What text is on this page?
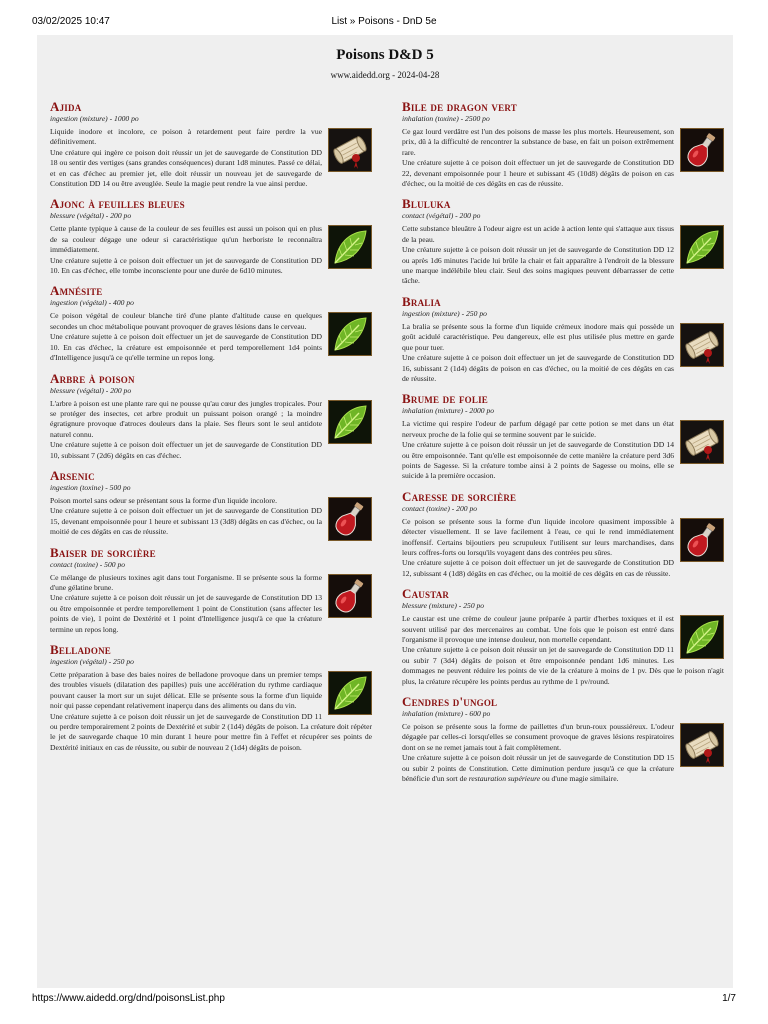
03/02/2025 10:47	List » Poisons - DnD 5e
Poisons D&D 5
www.aidedd.org - 2024-04-28
Ajida
ingestion (mixture) - 1000 po

Liquide inodore et incolore, ce poison à retardement peut faire perdre la vue définitivement.

Une créature qui ingère ce poison doit réussir un jet de sauvegarde de Constitution DD 18 ou sentir des vertiges (sans grandes conséquences) durant 1d8 minutes. Passé ce délai, et en cas d'échec au premier jet, elle doit réussir un nouveau jet de sauvegarde de Constitution DD 14 ou être aveuglée. Seule la magie peut rendre la vue ainsi perdue.

Ajonc à feuilles bleues
blessure (végétal) - 200 po

Cette plante typique à cause de la couleur de ses feuilles est aussi un poison qui en plus de sa couleur dégage une odeur si caractéristique qu'un herboriste le reconnaîtra immédiatement.

Une créature sujette à ce poison doit effectuer un jet de sauvegarde de Constitution DD 10. En cas d'échec, elle tombe inconsciente pour une durée de 6d10 minutes.

Amnésite
ingestion (végétal) - 400 po

Ce poison végétal de couleur blanche tiré d'une plante d'altitude cause en quelques secondes un choc métabolique pouvant provoquer de graves lésions dans le cerveau.

Une créature sujette à ce poison doit effectuer un jet de sauvegarde de Constitution DD 10. En cas d'échec, la créature est empoisonnée et perd temporellement 1d4 points d'Intelligence jusqu'à ce qu'elle termine un repos long.

Arbre à poison
blessure (végétal) - 200 po

L'arbre à poison est une plante rare qui ne pousse qu'au cœur des jungles tropicales. Pour se protéger des insectes, cet arbre produit un puissant poison orangé ; la moindre égratignure provoque d'atroces douleurs dans la plaie. Ses fleurs sont le seul antidote naturel connu.

Une créature sujette à ce poison doit effectuer un jet de sauvegarde de Constitution DD 10, subissant 7 (2d6) dégâts en cas d'échec.

Arsenic
ingestion (toxine) - 500 po

Poison mortel sans odeur se présentant sous la forme d'un liquide incolore.

Une créature sujette à ce poison doit effectuer un jet de sauvegarde de Constitution DD 15, devenant empoisonnée pour 1 heure et subissant 13 (3d8) dégâts en cas d'échec, ou la moitié de ces dégâts en cas de réussite.

Baiser de sorcière
contact (toxine) - 500 po

Ce mélange de plusieurs toxines agit dans tout l'organisme. Il se présente sous la forme d'une gélatine brune.

Une créature sujette à ce poison doit réussir un jet de sauvegarde de Constitution DD 13 ou être empoisonnée et perdre temporellement 1 point de Constitution (sans affecter les points de vie), 1 point de Dextérité et 1 point d'Intelligence jusqu'à ce que la créature termine un repos long.

Belladone
ingestion (végétal) - 250 po

Cette préparation à base des baies noires de belladone provoque dans un premier temps des troubles visuels (dilatation des papilles) puis une accélération du rythme cardiaque pouvant causer la mort sur un sujet délicat. Elle se présente sous la forme d'un liquide noir qui passe cependant relativement inaperçu dans des aliments ou dans du vin.

Une créature sujette à ce poison doit réussir un jet de sauvegarde de Constitution DD 11 ou perdre temporairement 2 points de Dextérité et subir 2 (1d4) dégâts de poison. La créature doit répéter le jet de sauvegarde chaque 10 min durant 1 heure pour mettre fin à l'effet et récupérer ses points de Dextérité initiaux en cas de réussite, ou subir de nouveau 2 (1d4) dégâts de poison.

Bile de dragon vert
inhalation (toxine) - 2500 po

Ce gaz lourd verdâtre est l'un des poisons de masse les plus mortels. Heureusement, son prix, dû à la difficulté de rencontrer la substance de base, en fait un poison extrêmement rare.

Une créature sujette à ce poison doit effectuer un jet de sauvegarde de Constitution DD 22, devenant empoisonnée pour 1 heure et subissant 45 (10d8) dégâts de poison en cas d'échec, ou la moitié de ces dégâts en cas de réussite.

Bluluka
contact (végétal) - 200 po

Cette substance bleuâtre à l'odeur aigre est un acide à action lente qui s'attaque aux tissus de la peau.

Une créature sujette à ce poison doit réussir un jet de sauvegarde de Constitution DD 12 ou après 1d6 minutes l'acide lui brûle la chair et fait apparaître à l'endroit de la blessure une marque indélébile bleu clair. Seul des soins magiques peuvent débarrasser de cette tâche.

Bralia
ingestion (mixture) - 250 po

La bralia se présente sous la forme d'un liquide crémeux inodore mais qui possède un goût acidulé caractéristique. Peu dangereux, elle est plus utilisée plus mettre en garde que pour tuer.

Une créature sujette à ce poison doit effectuer un jet de sauvegarde de Constitution DD 16, subissant 2 (1d4) dégâts de poison en cas d'échec, ou la moitié de ces dégâts en cas de réussite.

Brume de folie
inhalation (mixture) - 2000 po

La victime qui respire l'odeur de parfum dégagé par cette potion se met dans un état nerveux proche de la folie qui se termine souvent par le suicide.

Une créature sujette à ce poison doit réussir un jet de sauvegarde de Constitution DD 14 ou être empoisonnée. Tant qu'elle est empoisonnée de cette manière la créature perd 3d6 points de Sagesse. Si la créature tombe ainsi à 2 points de Sagesse ou moins, elle se suicide à la première occasion.

Caresse de sorcière
contact (toxine) - 200 po

Ce poison se présente sous la forme d'un liquide incolore quasiment impossible à détecter visuellement. Il se lave facilement à l'eau, ce qui le rend immédiatement inoffensif. Certains bijoutiers peu scrupuleux l'utilisent sur leurs marchandises, dans leurs coffres-forts ou lorsqu'ils voyagent dans des contrées peu sûres.

Une créature sujette à ce poison doit effectuer un jet de sauvegarde de Constitution DD 12, subissant 4 (1d8) dégâts en cas d'échec, ou la moitié de ces dégâts en cas de réussite.

Caustar
blessure (mixture) - 250 po

Le caustar est une crème de couleur jaune préparée à partir d'herbes toxiques et il est souvent utilisé par des mercenaires au combat. Une fois que le poison est entré dans l'organisme il provoque une intense douleur, non mortelle cependant.

Une créature sujette à ce poison doit réussir un jet de sauvegarde de Constitution DD 11 ou subir 7 (3d4) dégâts de poison et être empoisonnée pendant 1d6 minutes. Les dommages ne peuvent réduire les points de vie de la créature à moins de 1 pv. Dès que le poison n'agit plus, la créature récupère les points perdus au rythme de 1 pv/round.

Cendres d'ungol
inhalation (mixture) - 600 po

Ce poison se présente sous la forme de paillettes d'un brun-roux poussiéreux. L'odeur dégagée par celles-ci lorsqu'elles se consument provoque de graves lésions respiratoires dont on se ne remet jamais tout à fait complètement.

Une créature sujette à ce poison doit réussir un jet de sauvegarde de Constitution DD 15 ou subir 2 points de Constitution. Cette diminution perdure jusqu'à ce que la créature bénéficie d'un sort de restauration supérieure ou d'une magie similaire.

https://www.aidedd.org/dnd/poisonsList.php	1/7
